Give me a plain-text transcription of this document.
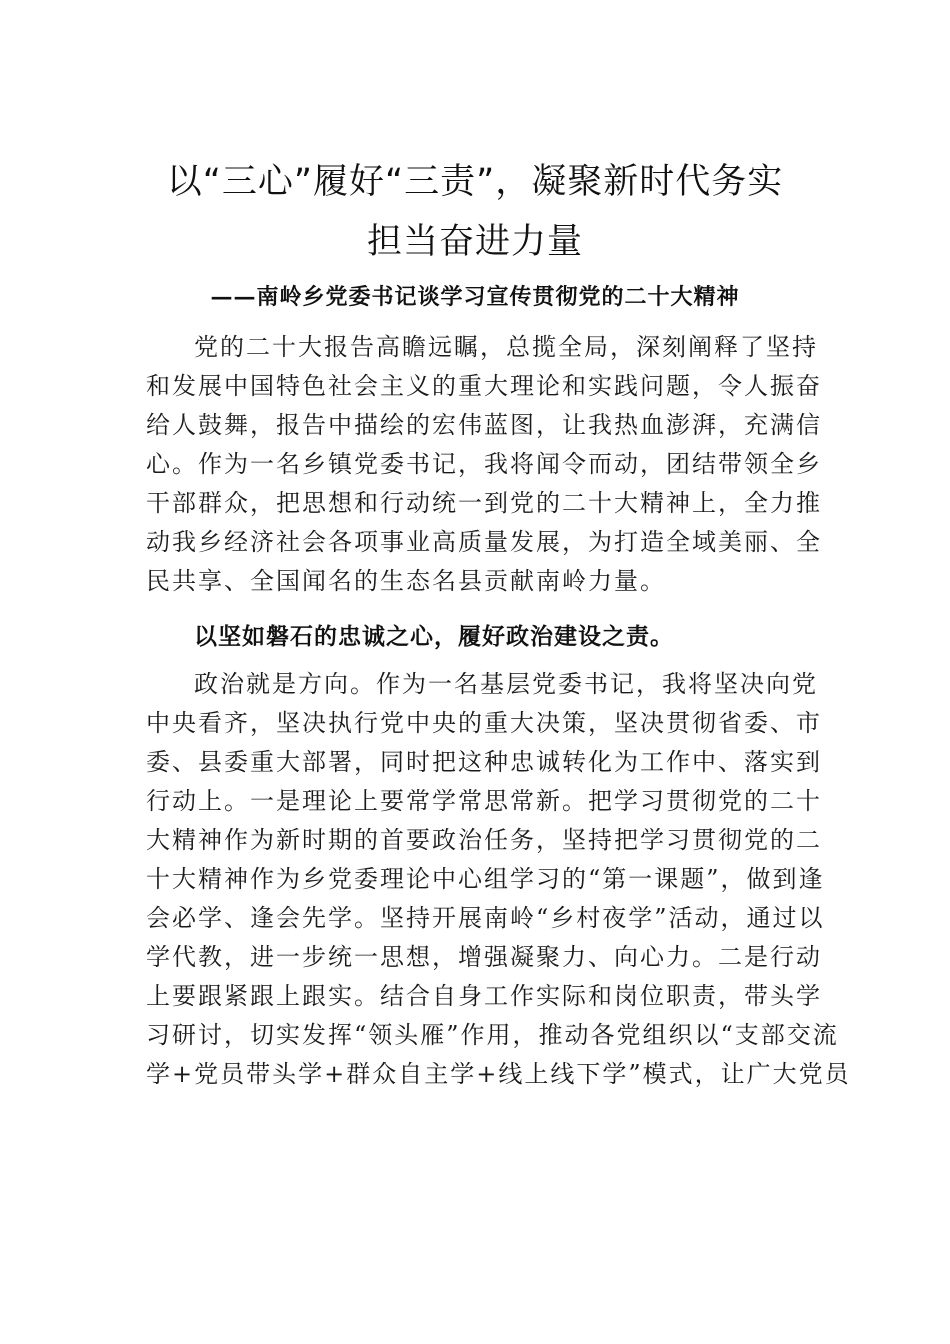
以“三心”履好“三责”，凝聚新时代务实
担当奋进力量
——南岭乡党委书记谈学习宣传贯彻党的二十大精神
党的二十大报告高瞻远瞩，总揽全局，深刻阐释了坚持
和发展中国特色社会主义的重大理论和实践问题，令人振奋
给人鼓舞，报告中描绘的宏伟蓝图，让我热血澎湃，充满信
心。作为一名乡镇党委书记，我将闻令而动，团结带领全乡
干部群众，把思想和行动统一到党的二十大精神上，全力推
动我乡经济社会各项事业高质量发展，为打造全域美丽、全
民共享、全国闻名的生态名县贡献南岭力量。
以坚如磐石的忠诚之心，履好政治建设之责。
政治就是方向。作为一名基层党委书记，我将坚决向党
中央看齐，坚决执行党中央的重大决策，坚决贯彻省委、市
委、县委重大部署，同时把这种忠诚转化为工作中、落实到
行动上。一是理论上要常学常思常新。把学习贯彻党的二十
大精神作为新时期的首要政治任务，坚持把学习贯彻党的二
十大精神作为乡党委理论中心组学习的“第一课题”，做到逢
会必学、逢会先学。坚持开展南岭“乡村夜学”活动，通过以
学代教，进一步统一思想，增强凝聚力、向心力。二是行动
上要跟紧跟上跟实。结合自身工作实际和岗位职责，带头学
习研讨，切实发挥“领头雁”作用，推动各党组织以“支部交流
学+党员带头学+群众自主学+线上线下学”模式，让广大党员
